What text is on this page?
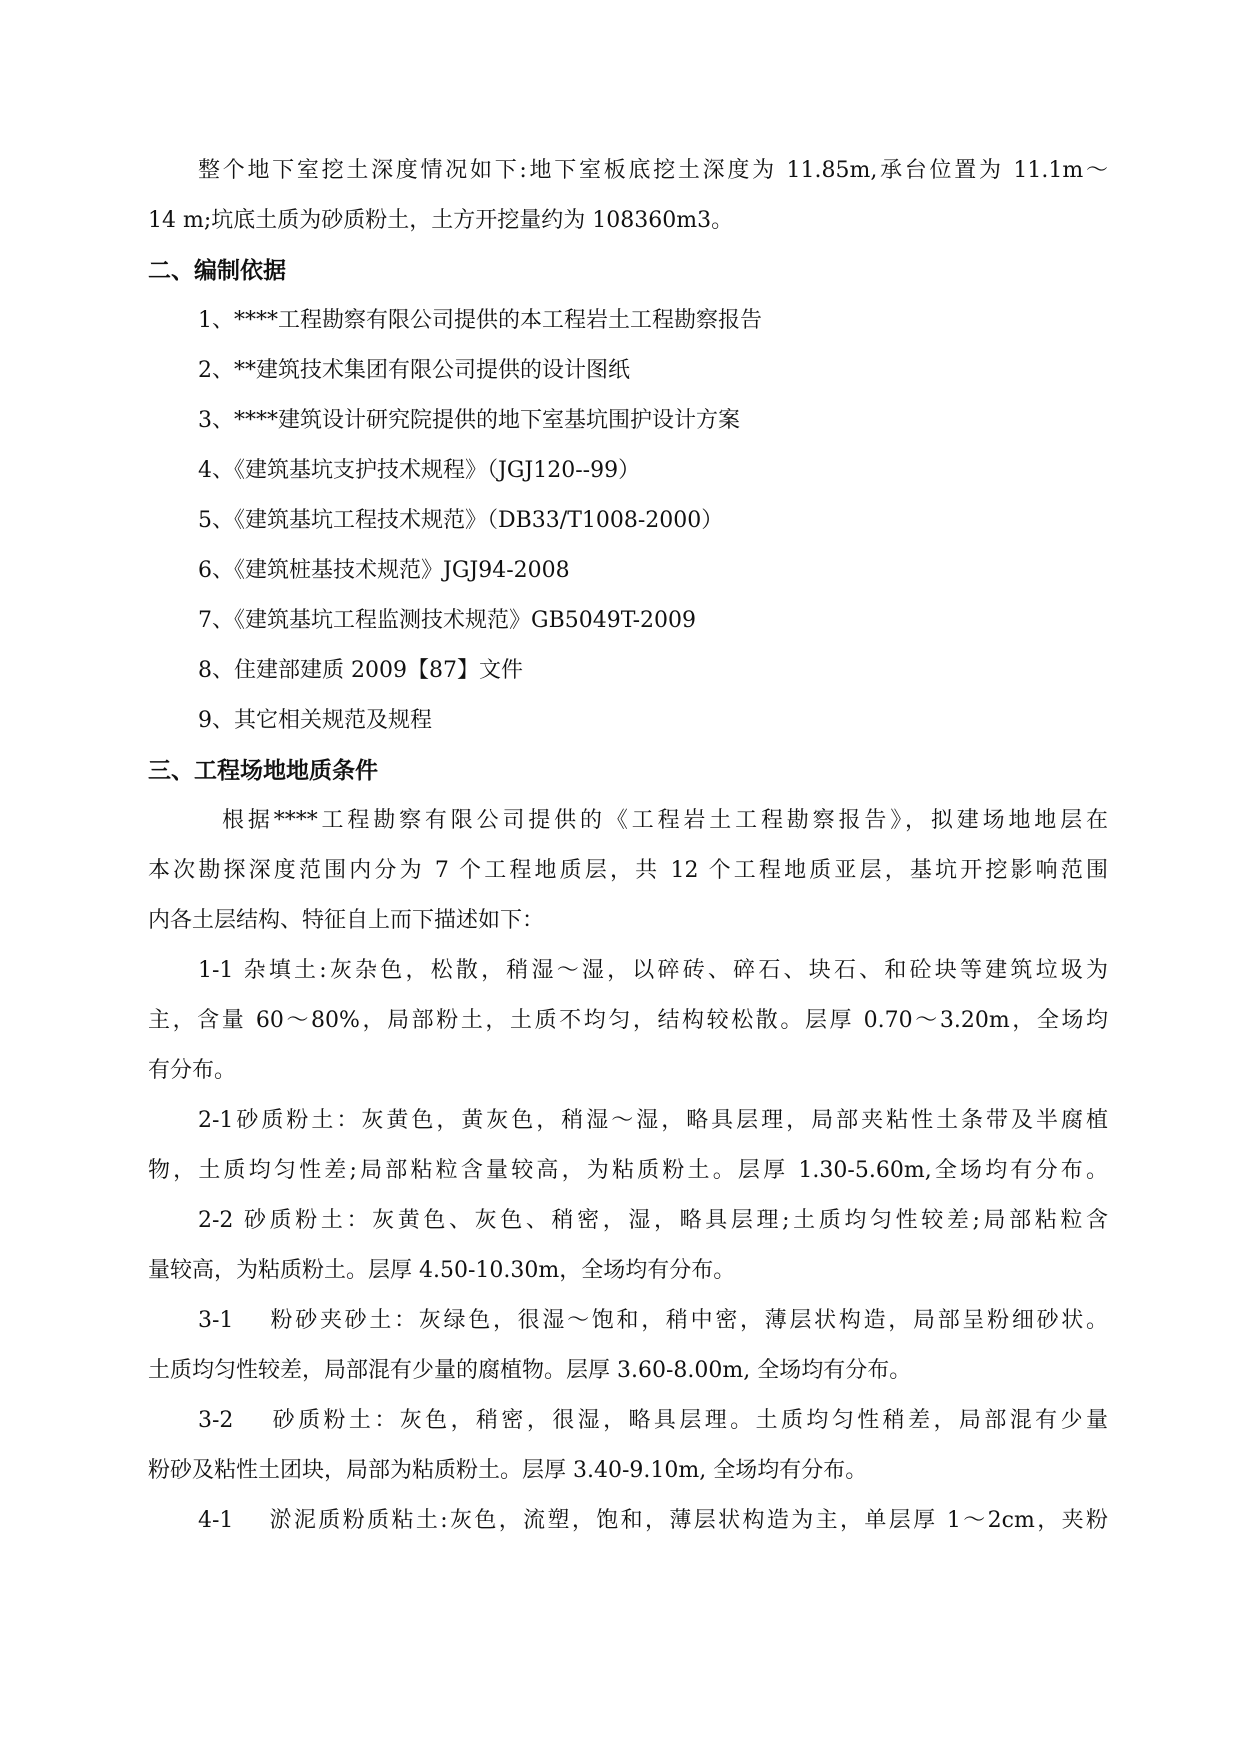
整个地下室挖土深度情况如下:地下室板底挖土深度为 11.85m,承台位置为 11.1m～
14 m;坑底土质为砂质粉土，土方开挖量约为 108360m3。
二、编制依据
1、****工程勘察有限公司提供的本工程岩土工程勘察报告
2、**建筑技术集团有限公司提供的设计图纸
3、****建筑设计研究院提供的地下室基坑围护设计方案
4、《建筑基坑支护技术规程》（JGJ120--99）
5、《建筑基坑工程技术规范》（DB33/T1008-2000）
6、《建筑桩基技术规范》JGJ94-2008
7、《建筑基坑工程监测技术规范》GB5049T-2009
8、住建部建质 2009【87】文件
9、其它相关规范及规程
三、工程场地地质条件
根据****工程勘察有限公司提供的《工程岩土工程勘察报告》，拟建场地地层在
本次勘探深度范围内分为 7 个工程地质层，共 12 个工程地质亚层，基坑开挖影响范围
内各土层结构、特征自上而下描述如下：
1-1 杂填土:灰杂色，松散，稍湿～湿，以碎砖、碎石、块石、和砼块等建筑垃圾为
主，含量 60～80%，局部粉土，土质不均匀，结构较松散。层厚 0.70～3.20m，全场均
有分布。
2-1砂质粉土：灰黄色，黄灰色，稍湿～湿，略具层理，局部夹粘性土条带及半腐植
物，土质均匀性差;局部粘粒含量较高，为粘质粉土。层厚 1.30-5.60m,全场均有分布。
2-2 砂质粉土：灰黄色、灰色、稍密，湿，略具层理;土质均匀性较差;局部粘粒含
量较高，为粘质粉土。层厚 4.50-10.30m，全场均有分布。
3-1　 粉砂夹砂土：灰绿色，很湿～饱和，稍中密，薄层状构造，局部呈粉细砂状。
土质均匀性较差，局部混有少量的腐植物。层厚 3.60-8.00m, 全场均有分布。
3-2　 砂质粉土：灰色，稍密，很湿，略具层理。土质均匀性稍差，局部混有少量
粉砂及粘性土团块，局部为粘质粉土。层厚 3.40-9.10m, 全场均有分布。
4-1　 淤泥质粉质粘土:灰色，流塑，饱和，薄层状构造为主，单层厚 1～2cm，夹粉
